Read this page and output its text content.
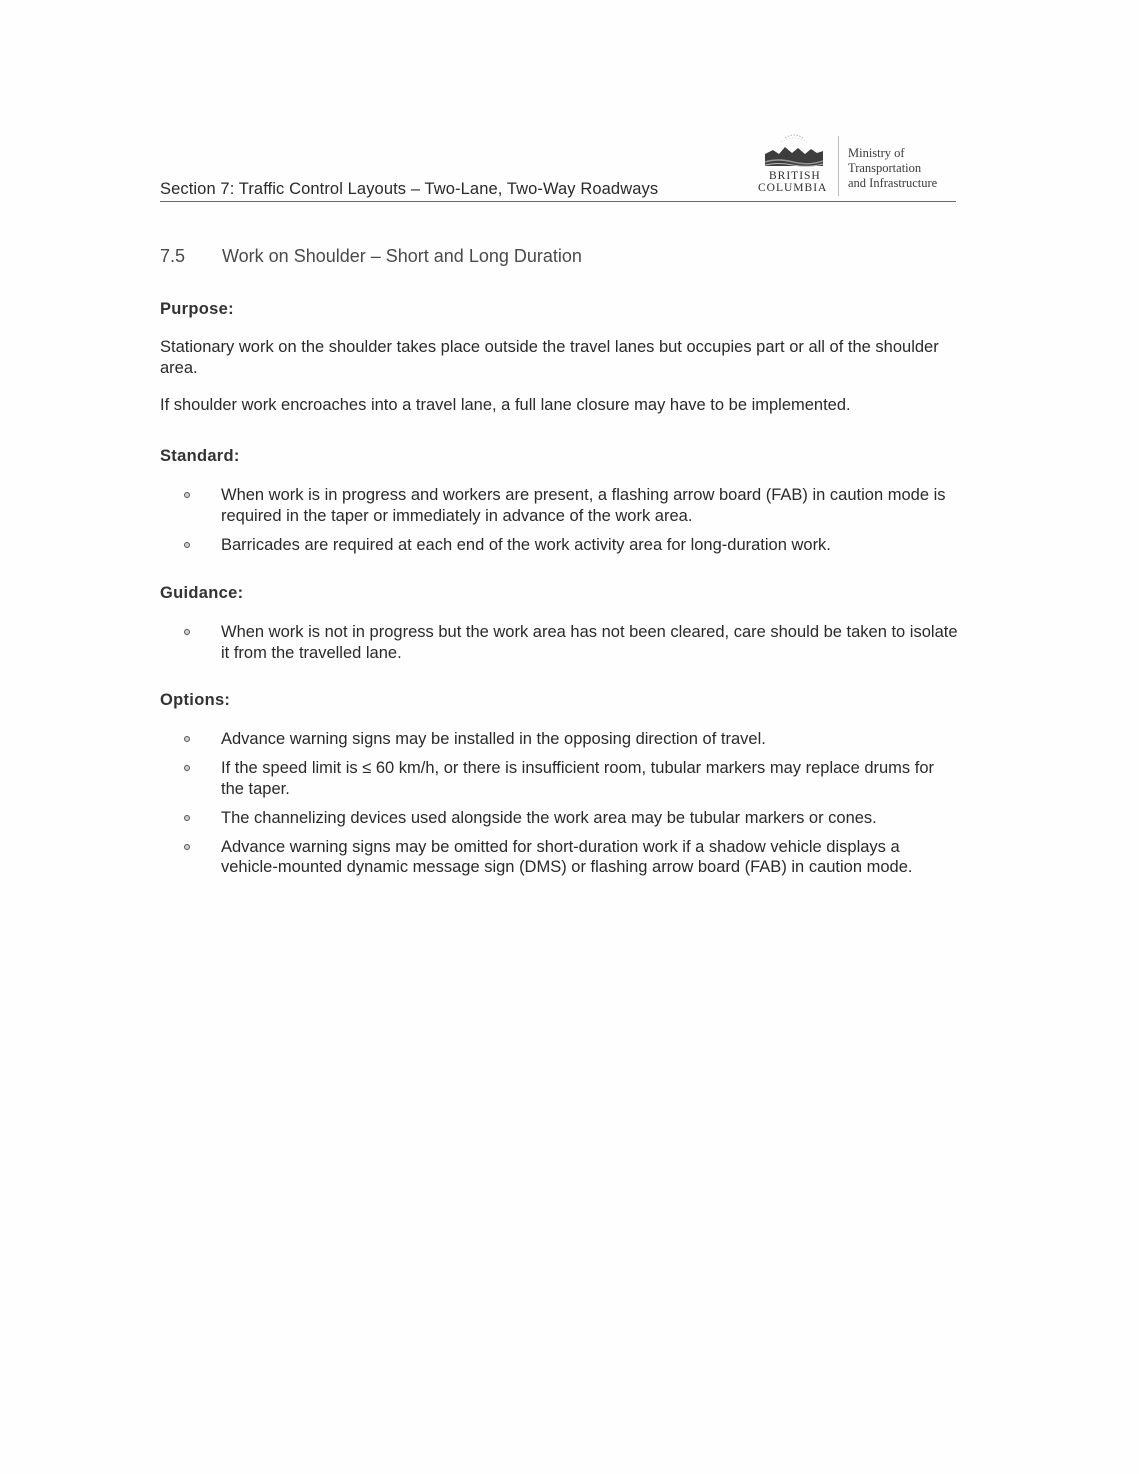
Section 7: Traffic Control Layouts – Two-Lane, Two-Way Roadways
BRITISH
COLUMBIA
Ministry of
Transportation
and Infrastructure
7.5 Work on Shoulder – Short and Long Duration
Purpose:
Stationary work on the shoulder takes place outside the travel lanes but occupies part or all of the shoulder area.
If shoulder work encroaches into a travel lane, a full lane closure may have to be implemented.
Standard:
When work is in progress and workers are present, a flashing arrow board (FAB) in caution mode is required in the taper or immediately in advance of the work area.
Barricades are required at each end of the work activity area for long-duration work.
Guidance:
When work is not in progress but the work area has not been cleared, care should be taken to isolate it from the travelled lane.
Options:
Advance warning signs may be installed in the opposing direction of travel.
If the speed limit is ≤ 60 km/h, or there is insufficient room, tubular markers may replace drums for the taper.
The channelizing devices used alongside the work area may be tubular markers or cones.
Advance warning signs may be omitted for short-duration work if a shadow vehicle displays a vehicle-mounted dynamic message sign (DMS) or flashing arrow board (FAB) in caution mode.
